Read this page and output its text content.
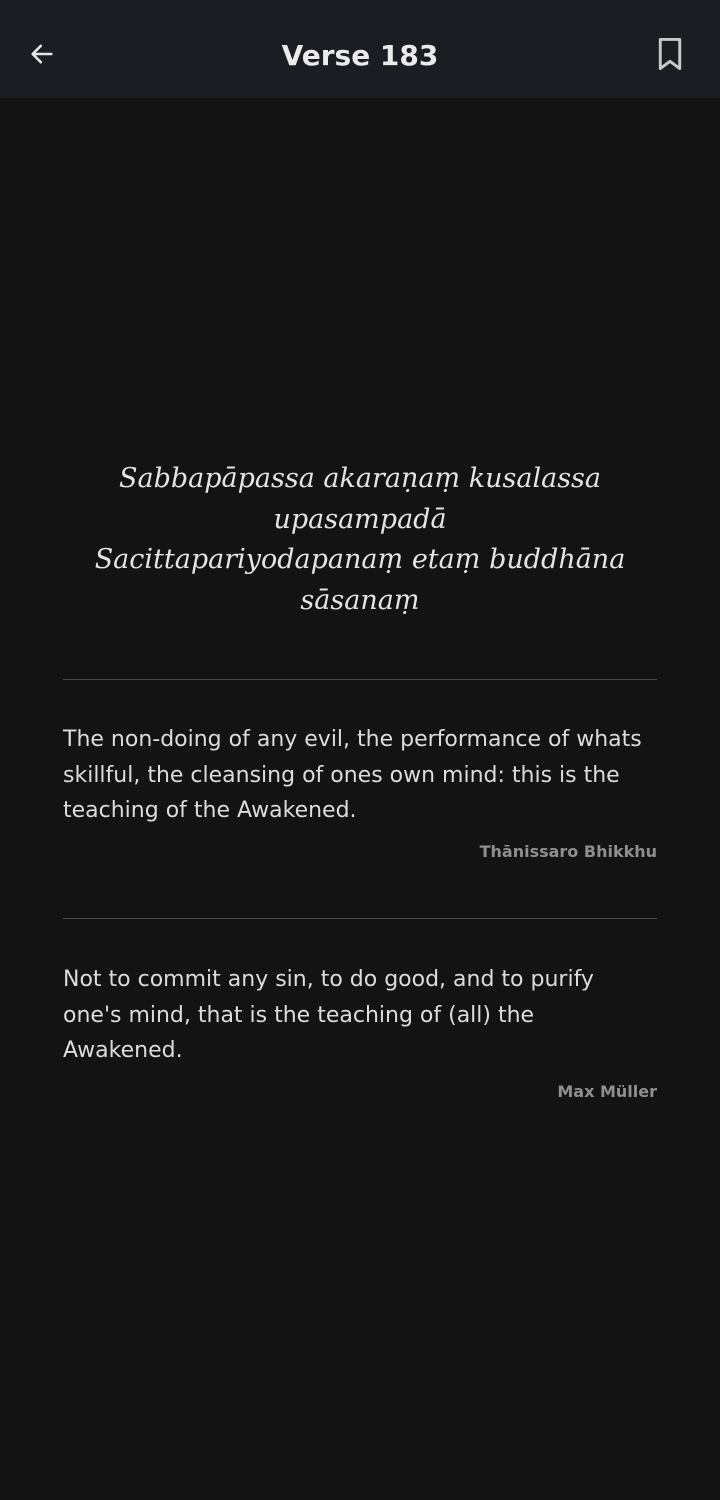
Verse 183
Sabbapāpassa akaraṇaṃ kusalassa
upasampadā
Sacittapariyodapanaṃ etaṃ buddhāna
sāsanaṃ

The non-doing of any evil, the performance of whats skillful, the cleansing of ones own mind: this is the teaching of the Awakened.

Thānissaro Bhikkhu

Not to commit any sin, to do good, and to purify one's mind, that is the teaching of (all) the Awakened.

Max Müller
